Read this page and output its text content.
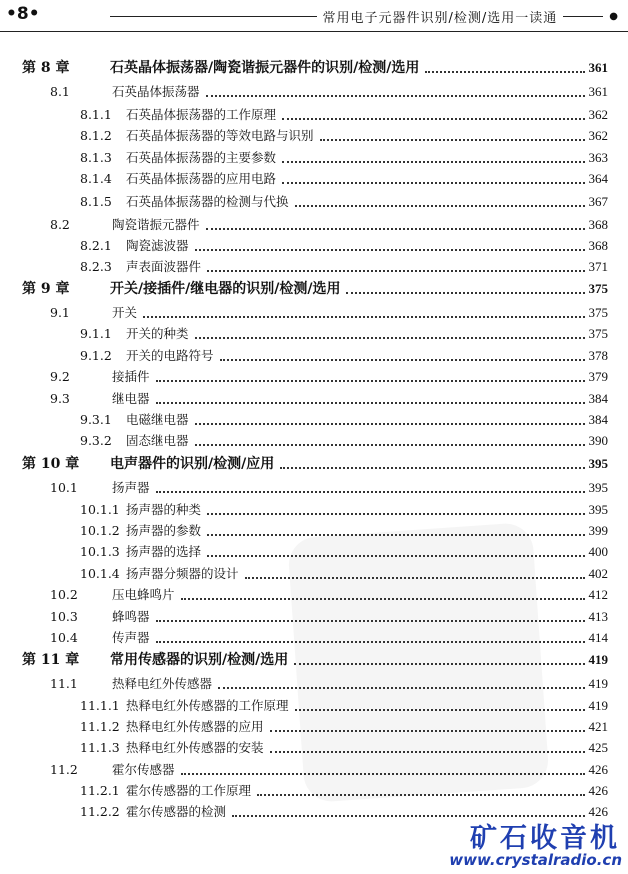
•8•	常用电子元器件识别/检测/选用一读通	●
第 8 章	石英晶体振荡器/陶瓷谐振元器件的识别/检测/选用	361
8.1	石英晶体振荡器	361
8.1.1	石英晶体振荡器的工作原理	362
8.1.2	石英晶体振荡器的等效电路与识别	362
8.1.3	石英晶体振荡器的主要参数	363
8.1.4	石英晶体振荡器的应用电路	364
8.1.5	石英晶体振荡器的检测与代换	367
8.2	陶瓷谐振元器件	368
8.2.1	陶瓷滤波器	368
8.2.3	声表面波器件	371
第 9 章	开关/接插件/继电器的识别/检测/选用	375
9.1	开关	375
9.1.1	开关的种类	375
9.1.2	开关的电路符号	378
9.2	接插件	379
9.3	继电器	384
9.3.1	电磁继电器	384
9.3.2	固态继电器	390
第 10 章	电声器件的识别/检测/应用	395
10.1	扬声器	395
10.1.1 扬声器的种类	395
10.1.2 扬声器的参数	399
10.1.3 扬声器的选择	400
10.1.4 扬声器分频器的设计	402
10.2	压电蜂鸣片	412
10.3	蜂鸣器	413
10.4	传声器	414
第 11 章	常用传感器的识别/检测/选用	419
11.1	热释电红外传感器	419
11.1.1 热释电红外传感器的工作原理	419
11.1.2 热释电红外传感器的应用	421
11.1.3 热释电红外传感器的安装	425
11.2	霍尔传感器	426
11.2.1 霍尔传感器的工作原理	426
11.2.2 霍尔传感器的检测	426
矿石收音机
www.crystalradio.cn
